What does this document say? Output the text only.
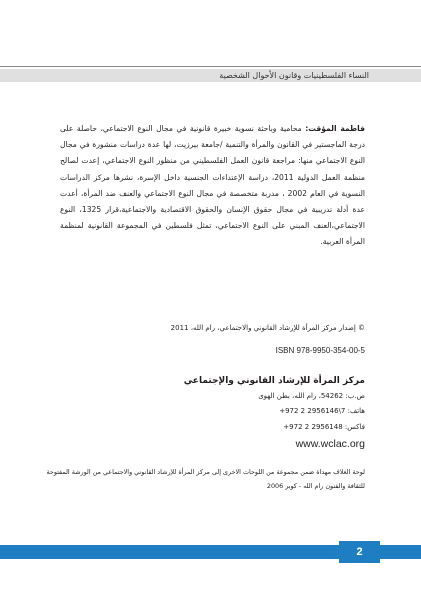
النساء الفلسطينيات وقانون الأحوال الشخصية

فاطمة المؤقت: محامية وباحثة نسوية خبيرة قانونية في مجال النوع الاجتماعي، حاصلة على درجة الماجستير في القانون والمرأة والتنمية /جامعة بيرزيت، لها عدة دراسات منشورة في مجال النوع الاجتماعي منها: مراجعة قانون العمل الفلسطيني من منظور النوع الاجتماعي، إعدت لصالح منظمة العمل الدولية 2011، دراسة الإعتداءات الجنسية داخل الإسرة، نشرها مركز الدراسات النسوية في العام 2002 ، مدربة متخصصة في مجال النوع الاجتماعي والعنف ضد المرأة، أعدت عدة أدلة تدريبية في مجال حقوق الإنسان والحقوق الاقتصادية والاجتماعية،قرار 1325، النوع الاجتماعي،العنف المبني على النوع الاجتماعي، تمثل فلسطين في المجموعة القانونية لمنظمة المرأة العربية.

© إصدار مركز المرأة للإرشاد القانوني والاجتماعي، رام الله، 2011
ISBN 978-9950-354-00-5
مركز المرأة للإرشاد القانوني والإجتماعي
ص.ب: 54262، رام الله، بطن الهوى
هاتف: 7\2956146 2 972+
فاكس: 2956148 2 972+
www.wclac.org

لوحة الغلاف مهداة ضمن مجموعة من اللوحات الاخرى إلى مركز المرأة للإرشاد القانوني والاجتماعي من الورشة المفتوحة للثقافة والفنون رام الله - كوبر 2006

2
